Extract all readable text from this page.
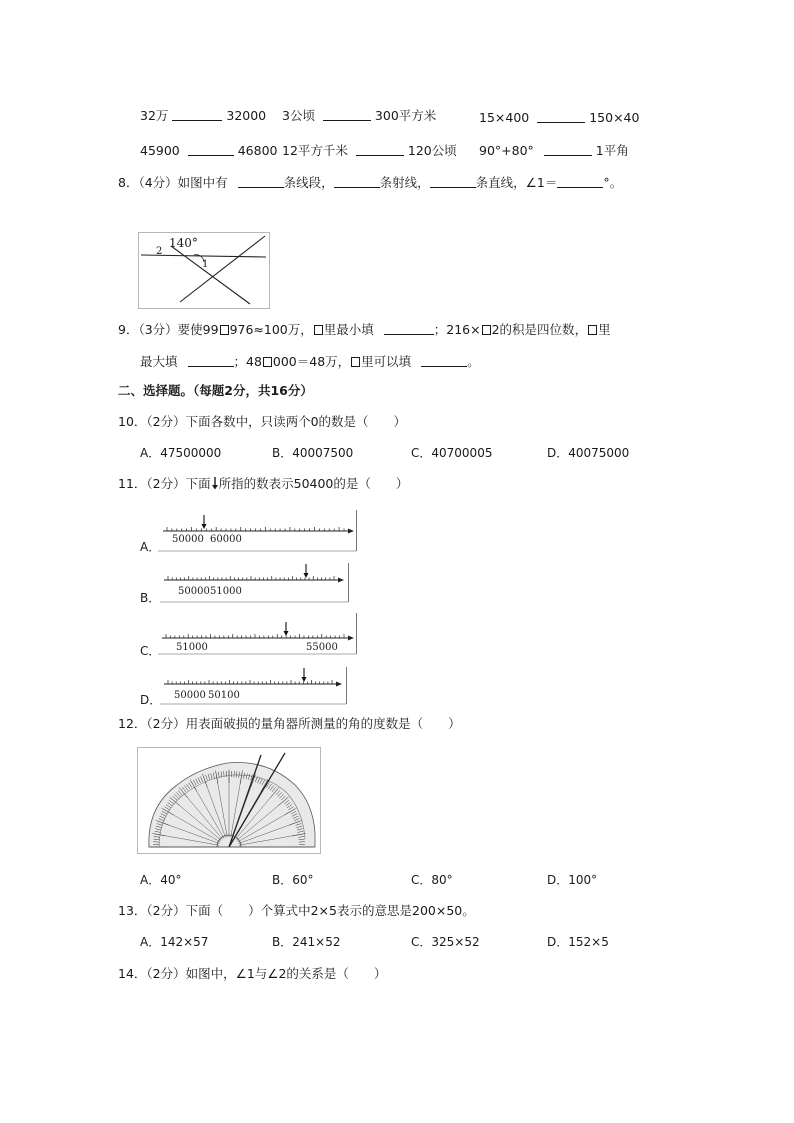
32万	32000 3公顷	300平方米	15×400	150×40
45900	46800 12平方千米	120公顷 90°+80°	1平角
8．（4分）如图中有	条线段，	条射线，	条直线，∠1＝	°。
2
140°
1
9．（3分）要使99 976≈100万， 里最小填	；216× 2的积是四位数， 里
最大填	；48 000＝48万， 里可以填	。
二、选择题。（每题2分，共16分）
10．（2分）下面各数中，只读两个0的数是（　　）
A．47500000	B．40007500	C．40700005	D．40075000
11．（2分）下面 所指的数表示50400的是（　　）
A．
50000 60000
B． 50000 51000
C． 51000	55000
D． 50000 50100
12．（2分）用表面破损的量角器所测量的角的度数是（　　）
A．40°	B．60°	C．80°	D．100°
13．（2分）下面（　　）个算式中2×5表示的意思是200×50。
A．142×57	B．241×52	C．325×52	D．152×5
14．（2分）如图中，∠1与∠2的关系是（　　）
